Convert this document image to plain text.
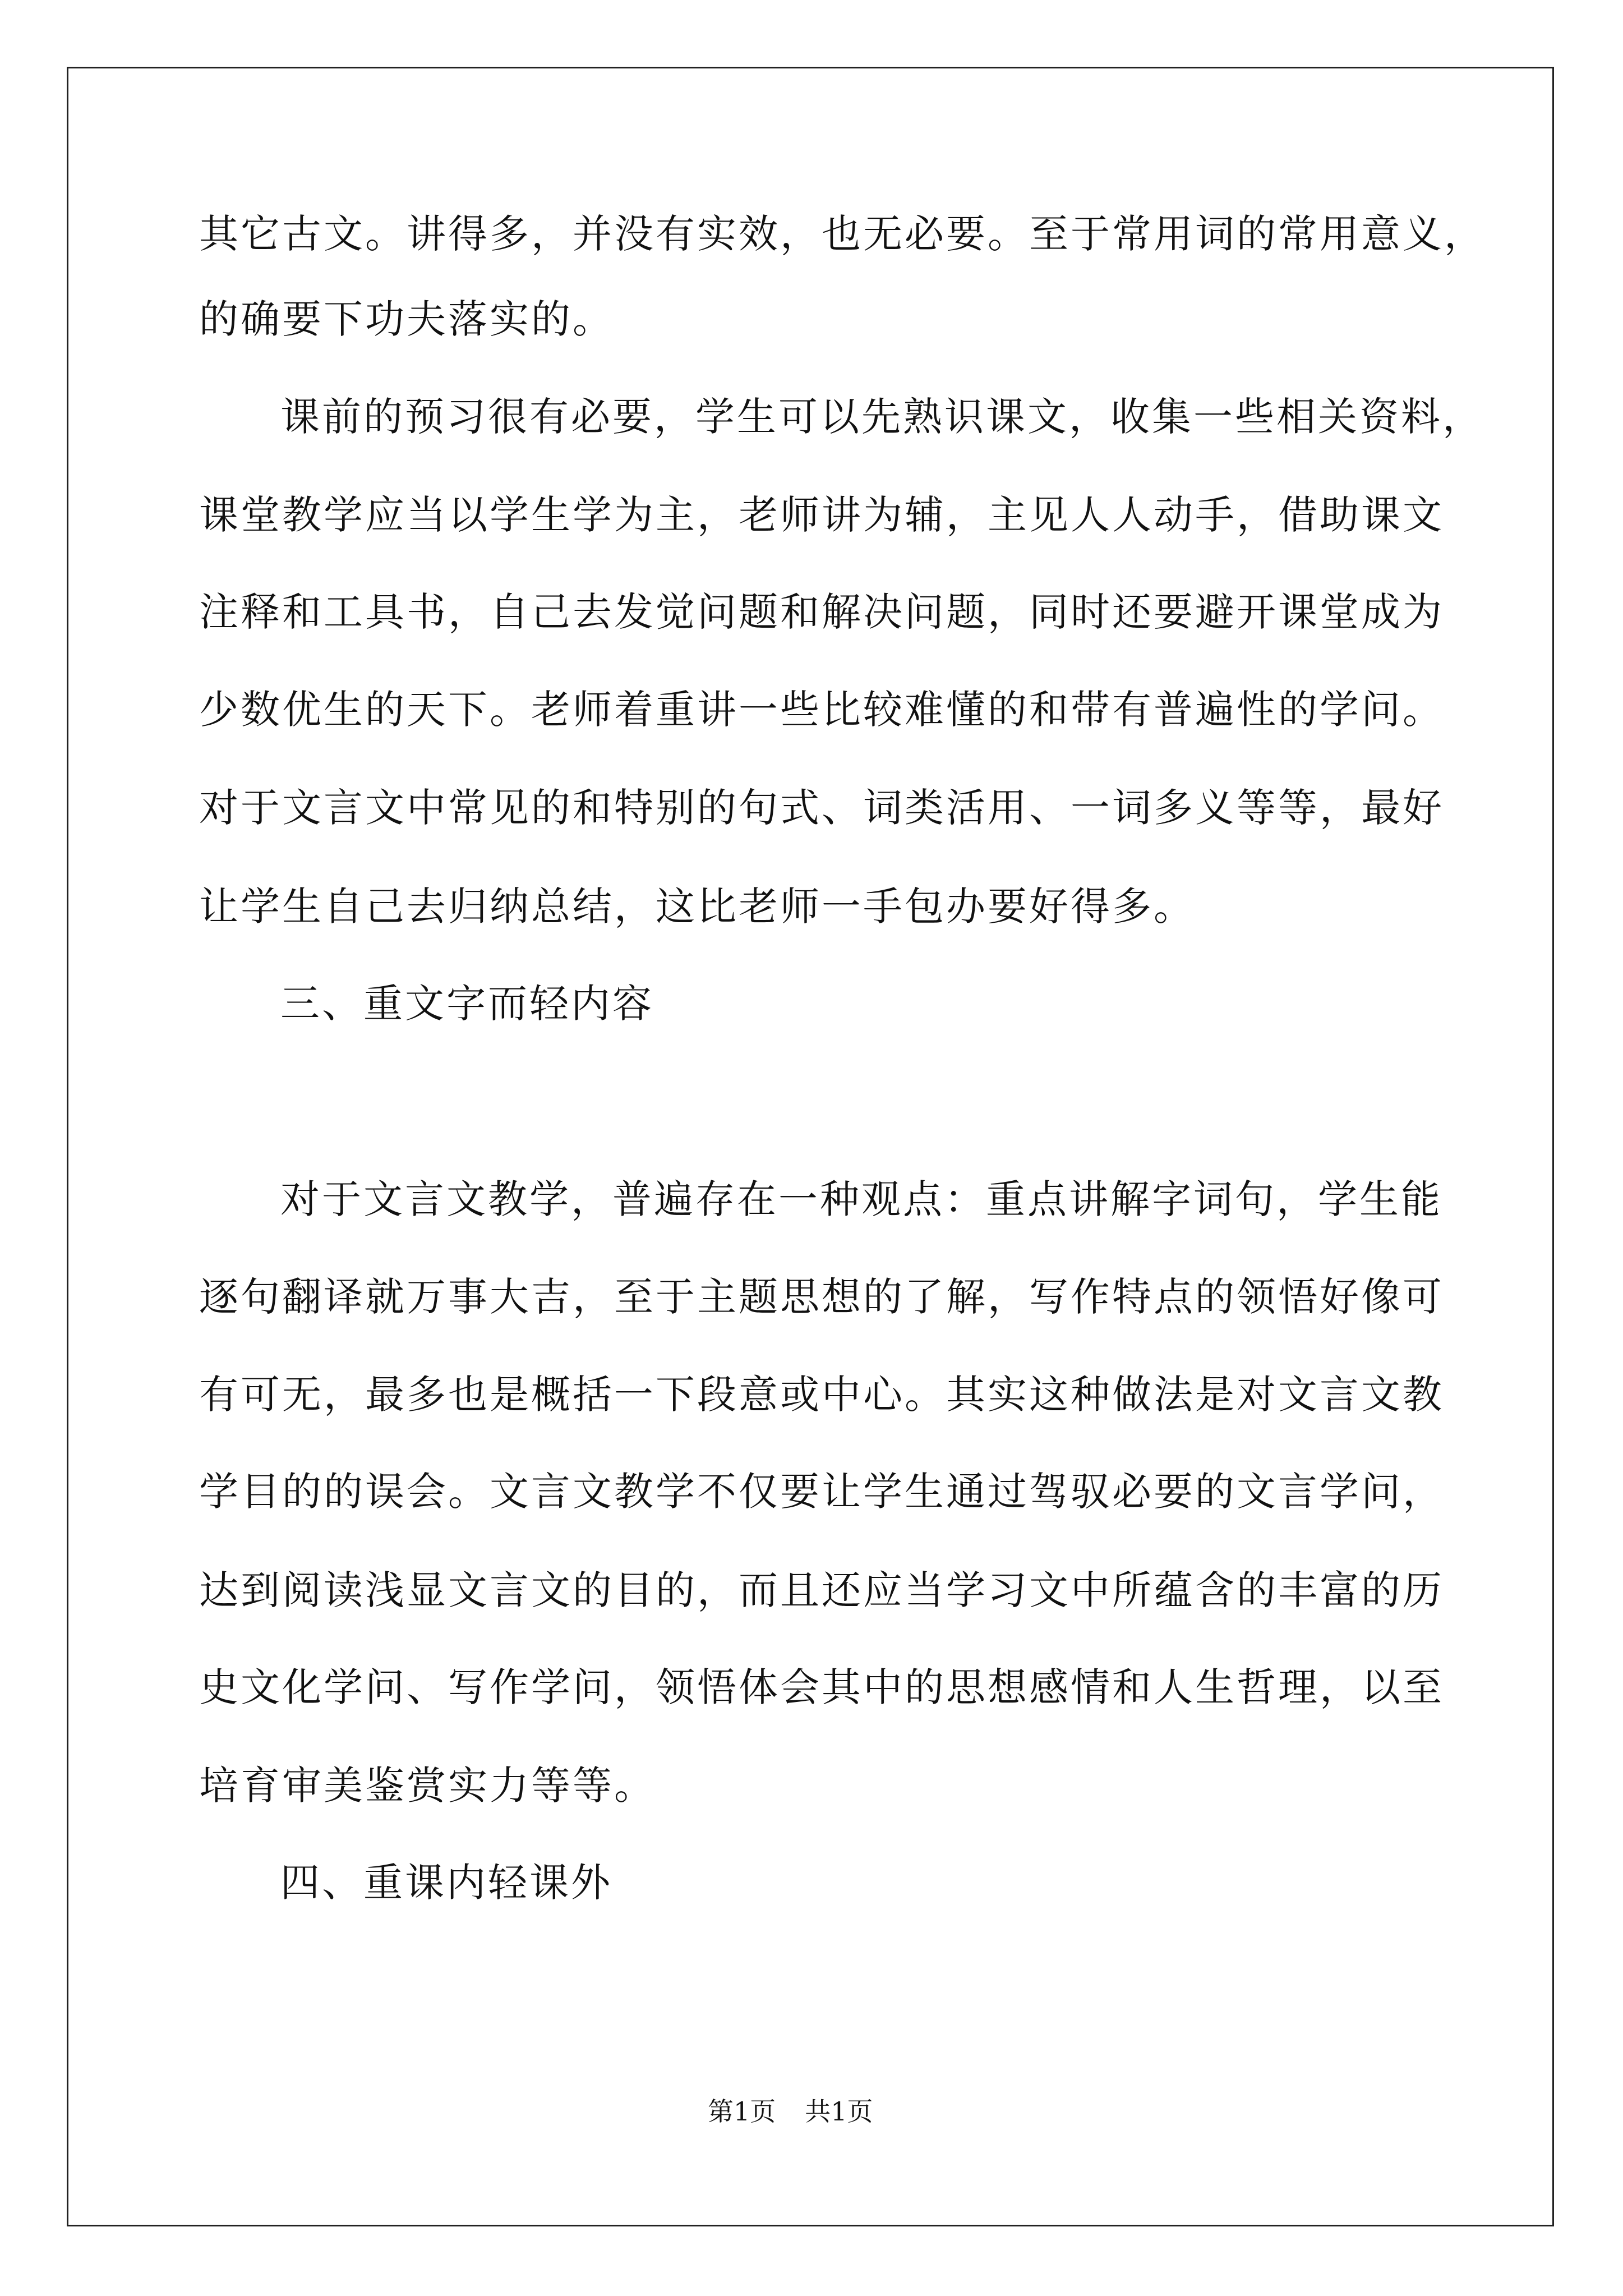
其它古文。讲得多，并没有实效，也无必要。至于常用词的常用意义，
的确要下功夫落实的。
课前的预习很有必要，学生可以先熟识课文，收集一些相关资料，
课堂教学应当以学生学为主，老师讲为辅，主见人人动手，借助课文
注释和工具书，自己去发觉问题和解决问题，同时还要避开课堂成为
少数优生的天下。老师着重讲一些比较难懂的和带有普遍性的学问。
对于文言文中常见的和特别的句式、词类活用、一词多义等等，最好
让学生自己去归纳总结，这比老师一手包办要好得多。
三、重文字而轻内容
对于文言文教学，普遍存在一种观点：重点讲解字词句，学生能
逐句翻译就万事大吉，至于主题思想的了解，写作特点的领悟好像可
有可无，最多也是概括一下段意或中心。其实这种做法是对文言文教
学目的的误会。文言文教学不仅要让学生通过驾驭必要的文言学问，
达到阅读浅显文言文的目的，而且还应当学习文中所蕴含的丰富的历
史文化学问、写作学问，领悟体会其中的思想感情和人生哲理，以至
培育审美鉴赏实力等等。
四、重课内轻课外
第1页 共1页
